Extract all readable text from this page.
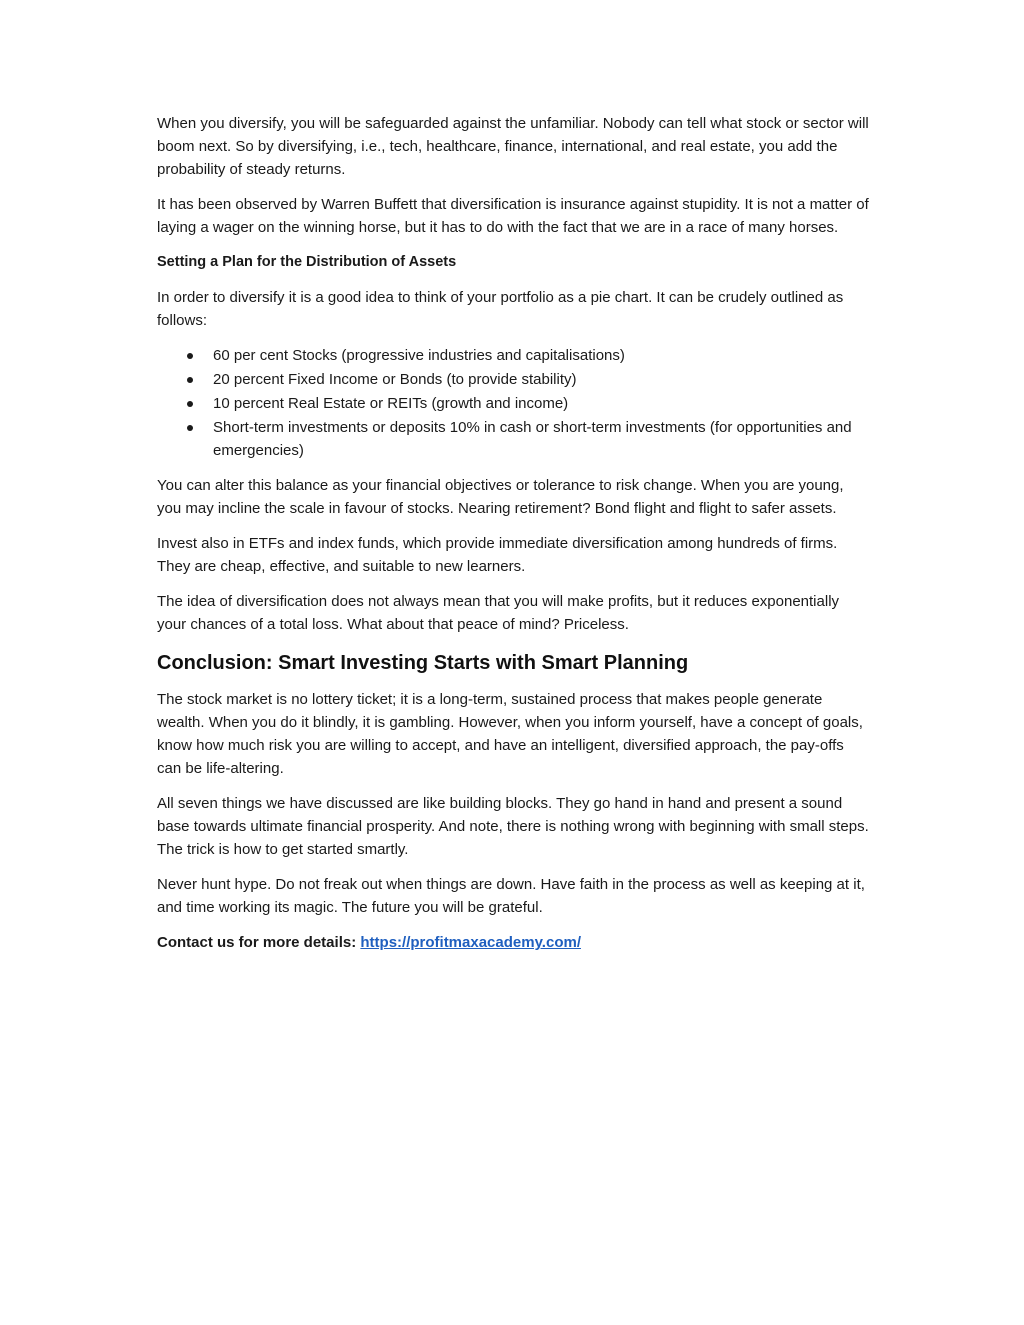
When you diversify, you will be safeguarded against the unfamiliar. Nobody can tell what stock or sector will boom next. So by diversifying, i.e., tech, healthcare, finance, international, and real estate, you add the probability of steady returns.

It has been observed by Warren Buffett that diversification is insurance against stupidity. It is not a matter of laying a wager on the winning horse, but it has to do with the fact that we are in a race of many horses.

Setting a Plan for the Distribution of Assets

In order to diversify it is a good idea to think of your portfolio as a pie chart. It can be crudely outlined as follows:

60 per cent Stocks (progressive industries and capitalisations)
20 percent Fixed Income or Bonds (to provide stability)
10 percent Real Estate or REITs (growth and income)
Short-term investments or deposits 10% in cash or short-term investments (for opportunities and emergencies)

You can alter this balance as your financial objectives or tolerance to risk change. When you are young, you may incline the scale in favour of stocks. Nearing retirement? Bond flight and flight to safer assets.

Invest also in ETFs and index funds, which provide immediate diversification among hundreds of firms. They are cheap, effective, and suitable to new learners.

The idea of diversification does not always mean that you will make profits, but it reduces exponentially your chances of a total loss. What about that peace of mind? Priceless.

Conclusion: Smart Investing Starts with Smart Planning

The stock market is no lottery ticket; it is a long-term, sustained process that makes people generate wealth. When you do it blindly, it is gambling. However, when you inform yourself, have a concept of goals, know how much risk you are willing to accept, and have an intelligent, diversified approach, the pay-offs can be life-altering.

All seven things we have discussed are like building blocks. They go hand in hand and present a sound base towards ultimate financial prosperity. And note, there is nothing wrong with beginning with small steps. The trick is how to get started smartly.

Never hunt hype. Do not freak out when things are down. Have faith in the process as well as keeping at it, and time working its magic. The future you will be grateful.

Contact us for more details: https://profitmaxacademy.com/
